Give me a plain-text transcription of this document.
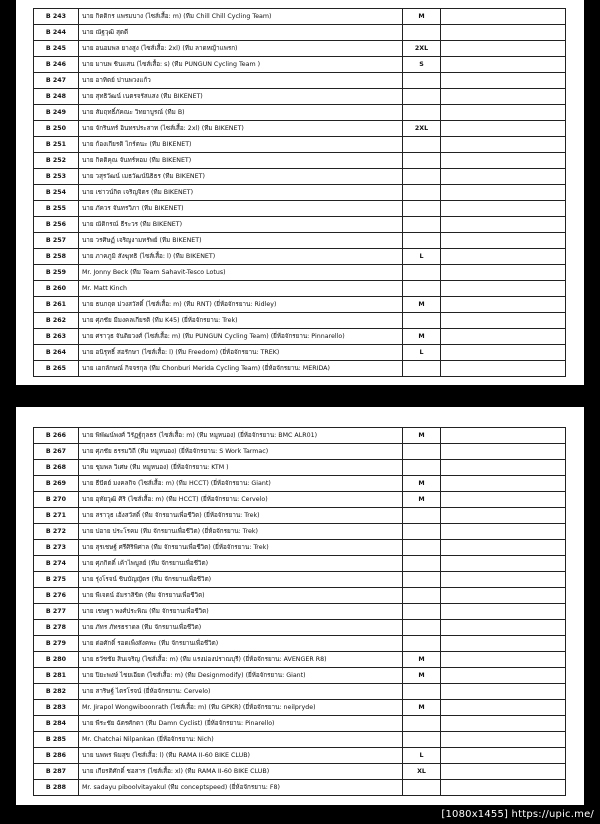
B 243	นาย กิตติกร แพรมบาง (ไซส์เสื้อ: m) (ทีม Chill Chill Cycling Team)	M	
B 244	นาย ณัฐวุฒิ สุดดี		
B 245	นาย อนอมพล ยางสูง (ไซส์เสื้อ: 2xl) (ทีม ลาดหญ้าแพรก)	2XL	
B 246	นาย มานพ ชินแสน (ไซส์เสื้อ: s) (ทีม PUNGUN Cycling Team )	S	
B 247	นาย อาทิตย์ ปานพวงแก้ว		
B 248	นาย สุทธิวัฒน์ เนตรจรัสแสง (ทีม BIKENET)		
B 249	นาย สัมฤทธิ์ภัคณะ วิทยาบูรณ์ (ทีม B)		
B 250	นาย จักรินทร์ อินทรประสาท (ไซส์เสื้อ: 2xl) (ทีม BIKENET)	2XL	
B 251	นาย ก้องเกียรติ ไกร์ตนะ (ทีม BIKENET)		
B 252	นาย กิตติคุณ จันทร์หอม (ทีม BIKENET)		
B 253	นาย วสุรวัฒน์ เมธวัฒน์นิธิธร (ทีม BIKENET)		
B 254	นาย เชาวน์กิต เจริญจิตร (ทีม BIKENET)		
B 255	นาย ภัควร จันทรวิภา (ทีม BIKENET)		
B 256	นาย ณัติกรณ์ ธีระวร (ทีม BIKENET)		
B 257	นาย วรศิษฏ์ เจริญงามทรัพย์ (ทีม BIKENET)		
B 258	นาย ภาคภูมิ สังฆุทธิ (ไซส์เสื้อ: l) (ทีม BIKENET)	L	
B 259	Mr. Jonny Beck (ทีม Team Sahavit-Tesco Lotus)		
B 260	Mr. Matt Kinch		
B 261	นาย ธนกฤต ม่วงสวัสดิ์ (ไซส์เสื้อ: m) (ทีม RNT) (ยี่ห้อจักรยาน: Ridley)	M	
B 262	นาย ศุภชัย มีมงคลเกียรติ (ทีม K45) (ยี่ห้อจักรยาน: Trek)		
B 263	นาย ศราวุธ จันติยวงศ์ (ไซส์เสื้อ: m) (ทีม PUNGUN Cycling Team) (ยี่ห้อจักรยาน: Pinnarello)	M	
B 264	นาย อนิรุทธิ์ สอรักษา (ไซส์เสื้อ: l) (ทีม Freedom) (ยี่ห้อจักรยาน: TREK)	L	
B 265	นาย เอกลักษณ์ กิจจรกุล (ทีม Chonburi Merida Cycling Team) (ยี่ห้อจักรยาน: MERIDA)		
B 266	นาย พิพัฒน์พงศ์ วิรัฏฐ์กุลธร (ไซส์เสื้อ: m) (ทีม หมูหนอง) (ยี่ห้อจักรยาน: BMC ALR01)	M	
B 267	นาย ศุภชัย ธรรมวิถี (ทีม หมูหนอง) (ยี่ห้อจักรยาน: S Work Tarmac)		
B 268	นาย ชุมพล วิเศษ (ทีม หมูหนอง) (ยี่ห้อจักรยาน: KTM )		
B 269	นาย ธีปัตย์ มงคลกิจ (ไซส์เสื้อ: m) (ทีม HCCT) (ยี่ห้อจักรยาน: Giant)	M	
B 270	นาย อุทัยวุฒิ ศิริ (ไซส์เสื้อ: m) (ทีม HCCT) (ยี่ห้อจักรยาน: Cervelo)	M	
B 271	นาย สราวุธ เฮ้งสวัสดิ์ (ทีม จักรยานเพื่อชีวิต) (ยี่ห้อจักรยาน: Trek)		
B 272	นาย ปอาย ประโรคม (ทีม จักรยานเพื่อชีวิต) (ยี่ห้อจักรยาน: Trek)		
B 273	นาย สุรเชษฐ์ ศรีศิริพิศาล (ทีม จักรยานเพื่อชีวิต) (ยี่ห้อจักรยาน: Trek)		
B 274	นาย ศุภกิตติ์ เค้าไพบูลย์ (ทีม จักรยานเพื่อชีวิต)		
B 275	นาย รุ่งโรจน์ ชินบัญญัตร (ทีม จักรยานเพื่อชีวิต)		
B 276	นาย พีเจตน์ อัมราสิขิต (ทีม จักรยานเพื่อชีวิต)		
B 277	นาย เชษฐา พงศ์ประพิณ (ทีม จักรยานเพื่อชีวิต)		
B 278	นาย ภัทร ภัทรธราดล (ทีม จักรยานเพื่อชีวิต)		
B 279	นาย ต่อศักดิ์ รอดเพ็งสังคพะ (ทีม จักรยานเพื่อชีวิต)		
B 280	นาย ธวัชชัย สินเจริญ (ไซส์เสื้อ: m) (ทีม แรงม่องปราณบุรี) (ยี่ห้อจักรยาน: AVENGER R8)	M	
B 281	นาย ปิยะพงษ์ ไชยเอียด (ไซส์เสื้อ: m) (ทีม Designmodify) (ยี่ห้อจักรยาน: Giant)	M	
B 282	นาย สาริษฐ์ ไตรโรจน์ (ยี่ห้อจักรยาน: Cervelo)		
B 283	Mr. Jirapol Wongwiboonrath (ไซส์เสื้อ: m) (ทีม GPKR) (ยี่ห้อจักรยาน: neilpryde)	M	
B 284	นาย พีระชัย ฉัตรศักดา (ทีม Damn Cyclist) (ยี่ห้อจักรยาน: Pinarello)		
B 285	Mr. Chatchai Nilpankan (ยี่ห้อจักรยาน: Nich)		
B 286	นาย นพพร พิมสุข (ไซส์เสื้อ: l) (ทีม RAMA II-60 BIKE CLUB)	L	
B 287	นาย เกียรติศักดิ์ ชอสาร (ไซส์เสื้อ: xl) (ทีม RAMA II-60 BIKE CLUB)	XL	
B 288	Mr. sadayu piboolvitayakul (ทีม conceptspeed) (ยี่ห้อจักรยาน: F8)		
[1080x1455] https://upic.me/
